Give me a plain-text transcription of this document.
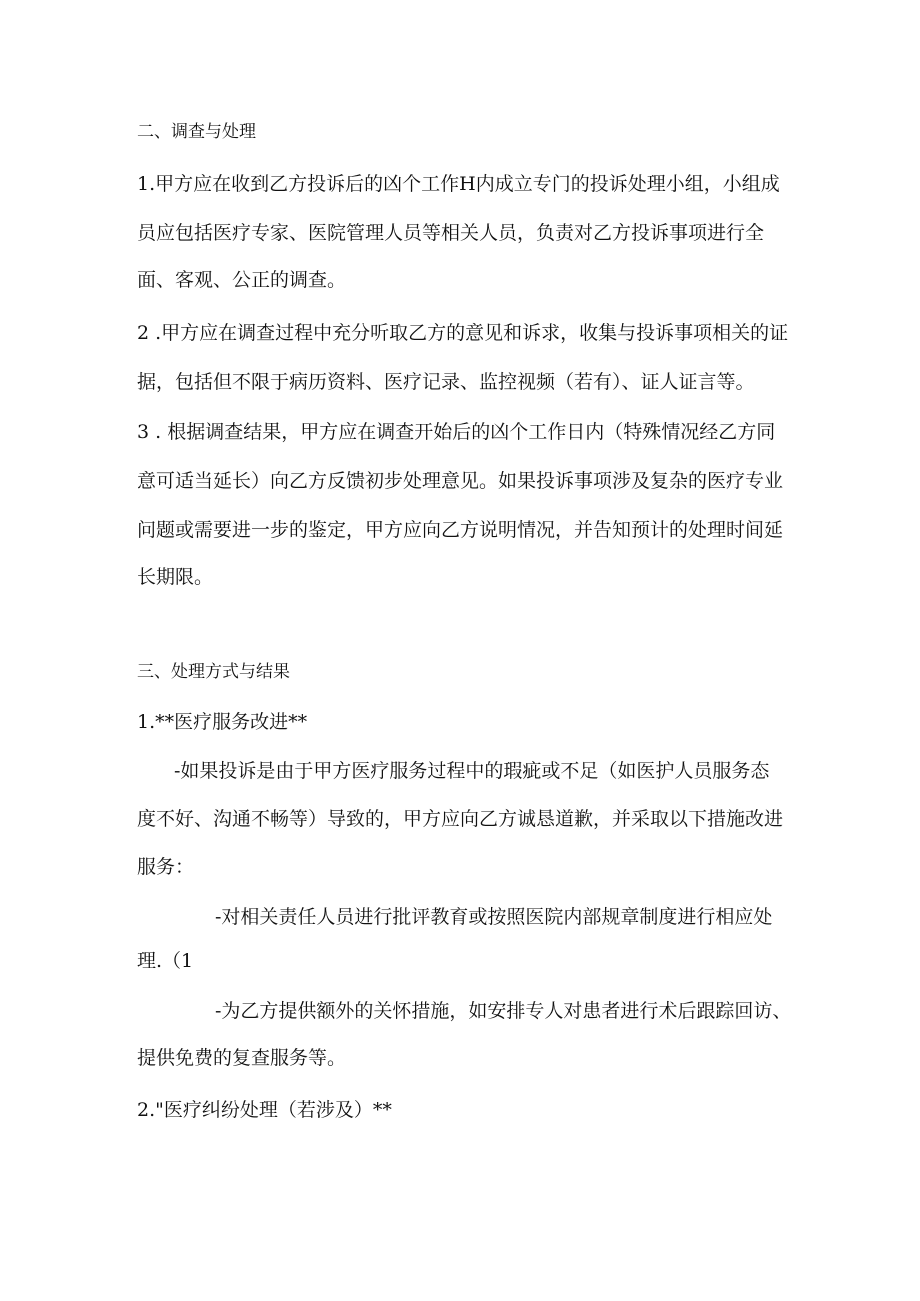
二、调查与处理
1.甲方应在收到乙方投诉后的凶个工作H内成立专门的投诉处理小组，小组成
员应包括医疗专家、医院管理人员等相关人员，负责对乙方投诉事项进行全
面、客观、公正的调查。
2 .甲方应在调查过程中充分听取乙方的意见和诉求，收集与投诉事项相关的证
据，包括但不限于病历资料、医疗记录、监控视频（若有）、证人证言等。
3 . 根据调查结果，甲方应在调查开始后的凶个工作日内（特殊情况经乙方同
意可适当延长）向乙方反馈初步处理意见。如果投诉事项涉及复杂的医疗专业
问题或需要进一步的鉴定，甲方应向乙方说明情况，并告知预计的处理时间延
长期限。
三、处理方式与结果
1.**医疗服务改进**
-如果投诉是由于甲方医疗服务过程中的瑕疵或不足（如医护人员服务态
度不好、沟通不畅等）导致的，甲方应向乙方诚恳道歉，并采取以下措施改进
服务：
-对相关责任人员进行批评教育或按照医院内部规章制度进行相应处
理.（1
-为乙方提供额外的关怀措施，如安排专人对患者进行术后跟踪回访、
提供免费的复查服务等。
2."医疗纠纷处理（若涉及）**
